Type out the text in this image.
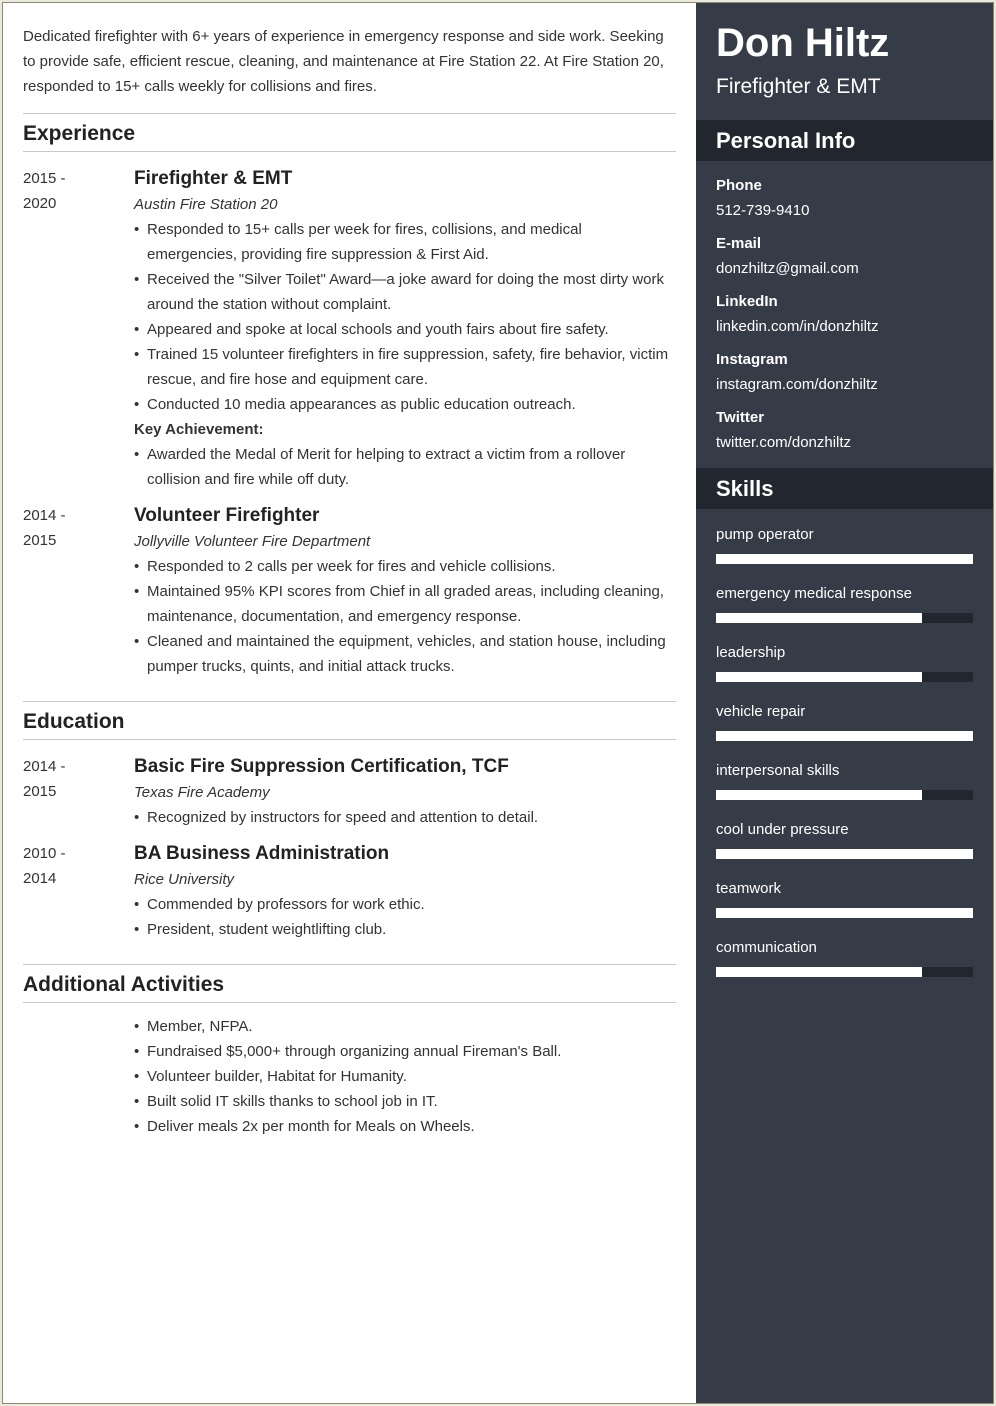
Dedicated firefighter with 6+ years of experience in emergency response and side work. Seeking to provide safe, efficient rescue, cleaning, and maintenance at Fire Station 22. At Fire Station 20, responded to 15+ calls weekly for collisions and fires.

Experience
2015 -
2020

Firefighter & EMT

Austin Fire Station 20

• Responded to 15+ calls per week for fires, collisions, and medical emergencies, providing fire suppression & First Aid.
• Received the "Silver Toilet" Award—a joke award for doing the most dirty work around the station without complaint.
• Appeared and spoke at local schools and youth fairs about fire safety.
• Trained 15 volunteer firefighters in fire suppression, safety, fire behavior, victim rescue, and fire hose and equipment care.
• Conducted 10 media appearances as public education outreach.

Key Achievement:

• Awarded the Medal of Merit for helping to extract a victim from a rollover collision and fire while off duty.
2014 -
2015

Volunteer Firefighter

Jollyville Volunteer Fire Department

• Responded to 2 calls per week for fires and vehicle collisions.
• Maintained 95% KPI scores from Chief in all graded areas, including cleaning, maintenance, documentation, and emergency response.
• Cleaned and maintained the equipment, vehicles, and station house, including pumper trucks, quints, and initial attack trucks.
Education
2014 -
2015

Basic Fire Suppression Certification, TCF

Texas Fire Academy

• Recognized by instructors for speed and attention to detail.
2010 -
2014

BA Business Administration

Rice University

• Commended by professors for work ethic.
• President, student weightlifting club.
Additional Activities
• Member, NFPA.
• Fundraised $5,000+ through organizing annual Fireman's Ball.
• Volunteer builder, Habitat for Humanity.
• Built solid IT skills thanks to school job in IT.
• Deliver meals 2x per month for Meals on Wheels.
Don Hiltz

Firefighter & EMT

Personal Info

Phone

512-739-9410

E-mail

donzhiltz@gmail.com

LinkedIn

linkedin.com/in/donzhiltz

Instagram

instagram.com/donzhiltz

Twitter

twitter.com/donzhiltz

Skills

pump operator

emergency medical response

leadership

vehicle repair

interpersonal skills

cool under pressure

teamwork

communication
